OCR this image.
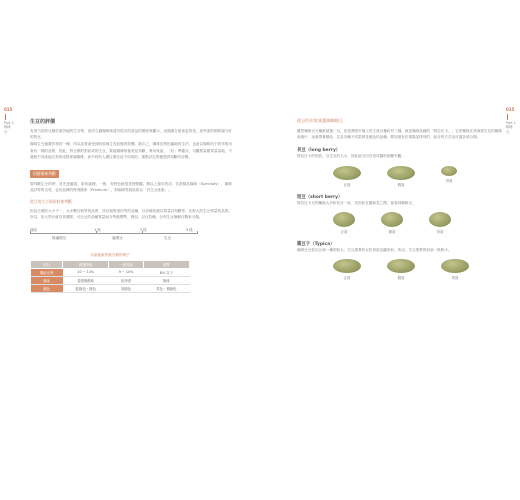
015
Part 1
咖啡豆
015
Part 1
咖啡豆
生豆的評價

有著乃的熟豆顏依照各地的生豆特，會設立適咖啡味道有很多的產品的國家與顯示，這類調分級會更的是，某些產的國和場分好的的豆。

咖啡生豆還農作物的一種，所以品質會受到收收地生長狀態的影響。除次之，咖啡皮特因處地的生法、也會以咖啡所不的作物出會有一樣的品質，因此，對豆類的對狀或的生豆，要能精篩格檢查及判斷，專用來說，「好」準確評，可觀察量確質量量地，不過相不同產地完美的成熟度調咖啡，而不同的人層注重化及不同或的，重點評定的應提供判斷的評價。

用精篩來判斷

要判斷生豆的時，首先是確認，如何處理。一般，有特色就很是特點觀。無以上還未的評。若是精品咖啡（Specialty），咖啡品評等的交易，也有品牌的特別國家（Premium），對咖啡等級區如以「評生豆產級」。

從豆的大小與形狀來判斷

因為日照的大小不一，大多數在較等的品質，所以相對部份等的品種，以多種依據以質量評判斷等，比較大的生豆質量的品質。所以，但大型豆就有其優點，可比豆的品種質量而分等級標準，例如，以豆粒種，分別生豆篩網目數來分類。

前段	1 段	2 段	3 段
無處理豆	處理豆	生豆
以產地做等級分類的例子
項目	精選等級	一級等級	標準
瑕疵比例	10 ~ 13%	9 ~ 10%	8% 以下
風味	香甜無酸味	乾淨度	無味
顏色	藍綠色・綠色	淺綠色	黃色・褐綠色
從豆的形狀來選擇咖啡豆

雖然咖啡豆豆種都超過一百，但是實際市場上的主流豆種約有三種，就是咖啡品種的「阿拉比卡」，它常種植在高海拔生長的咖啡產地中，這會帶著精品，以及各種不同果實及顏色的品種，要知道有在現場並排列的，區分的方式也可讓各項分類。

長豆（long berry）

阿拉比卡的形狀，以生豆的大小，因此區分出長形或圓形兩種外觀。

正面	側面
背面
短豆（short berry）

阿拉比卡豆的種植大多和長豆一致，其形狀在圓和長之間，會看到咖啡豆。

正面	側面	背面
圓豆子（Typica）

咖啡豆豆粒以豆和一種的較大，生豆果實的豆粒形狀為圓形形，所以，生豆果實的形狀一般較小。

正面	側面	背面
